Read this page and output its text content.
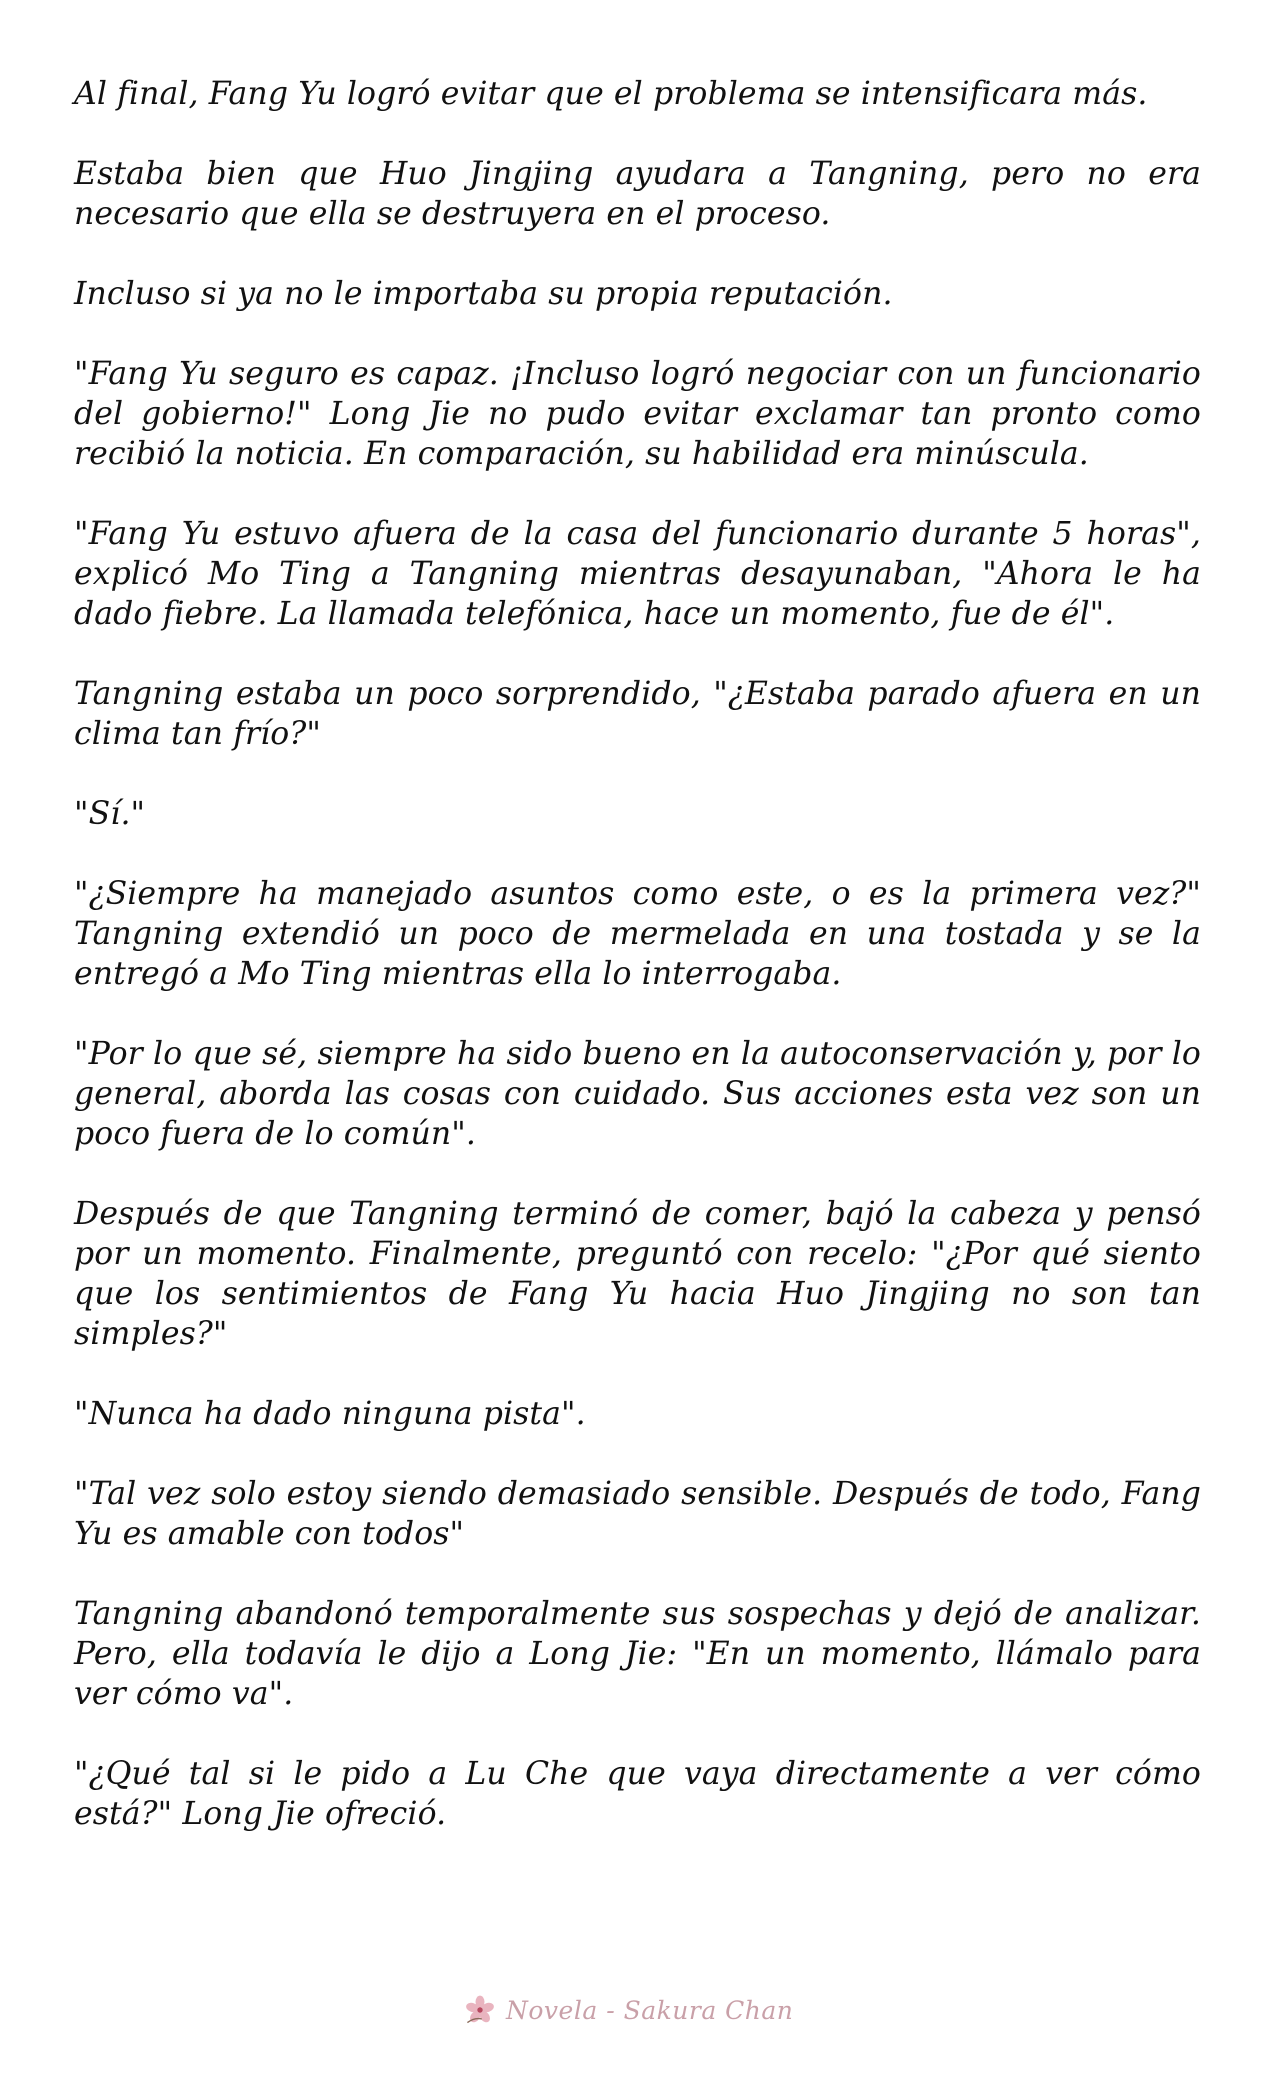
Al final, Fang Yu logró evitar que el problema se intensificara más.

Estaba bien que Huo Jingjing ayudara a Tangning, pero no era necesario que ella se destruyera en el proceso.

Incluso si ya no le importaba su propia reputación.

"Fang Yu seguro es capaz. ¡Incluso logró negociar con un funcionario del gobierno!" Long Jie no pudo evitar exclamar tan pronto como recibió la noticia. En comparación, su habilidad era minúscula.

"Fang Yu estuvo afuera de la casa del funcionario durante 5 horas", explicó Mo Ting a Tangning mientras desayunaban, "Ahora le ha dado fiebre. La llamada telefónica, hace un momento, fue de él".

Tangning estaba un poco sorprendido, "¿Estaba parado afuera en un clima tan frío?"

"Sí."

"¿Siempre ha manejado asuntos como este, o es la primera vez?" Tangning extendió un poco de mermelada en una tostada y se la entregó a Mo Ting mientras ella lo interrogaba.

"Por lo que sé, siempre ha sido bueno en la autoconservación y, por lo general, aborda las cosas con cuidado. Sus acciones esta vez son un poco fuera de lo común".

Después de que Tangning terminó de comer, bajó la cabeza y pensó por un momento. Finalmente, preguntó con recelo: "¿Por qué siento que los sentimientos de Fang Yu hacia Huo Jingjing no son tan simples?"

"Nunca ha dado ninguna pista".

"Tal vez solo estoy siendo demasiado sensible. Después de todo, Fang Yu es amable con todos"

Tangning abandonó temporalmente sus sospechas y dejó de analizar. Pero, ella todavía le dijo a Long Jie: "En un momento, llámalo para ver cómo va".

"¿Qué tal si le pido a Lu Che que vaya directamente a ver cómo está?" Long Jie ofreció.

Novela - Sakura Chan
